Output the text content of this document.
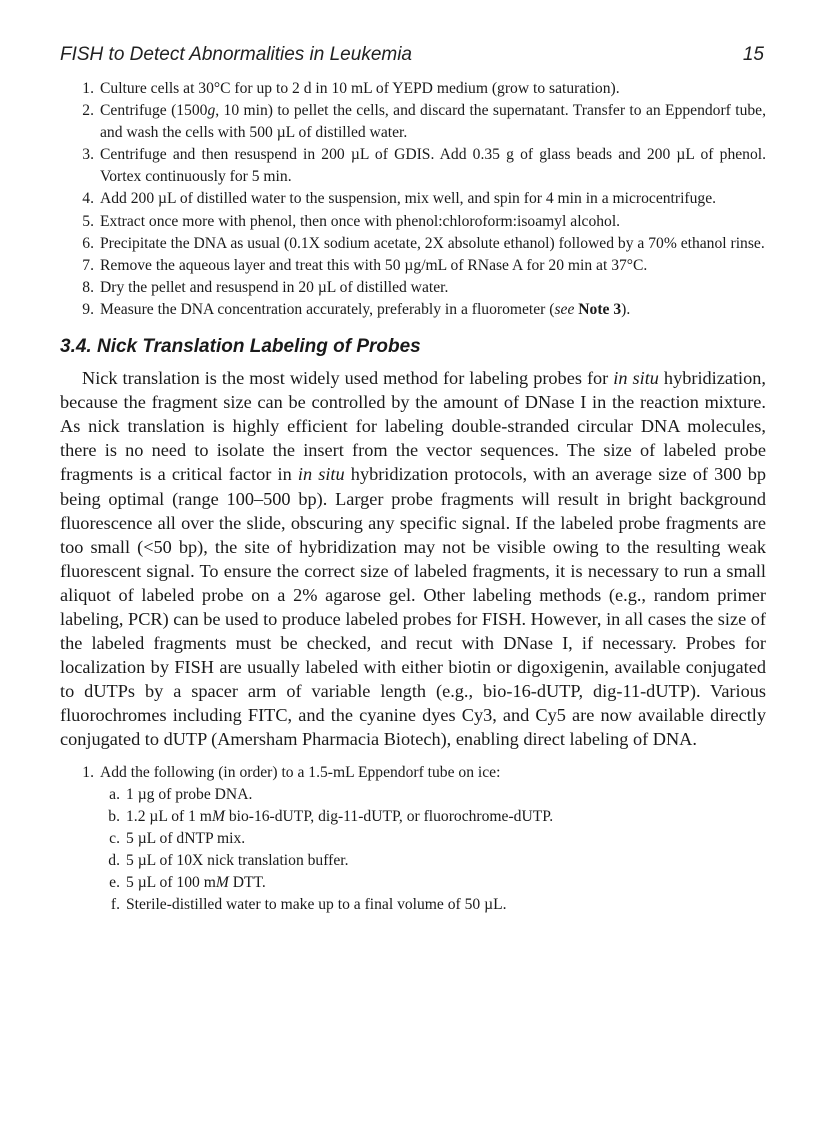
FISH to Detect Abnormalities in Leukemia	15
1. Culture cells at 30°C for up to 2 d in 10 mL of YEPD medium (grow to saturation).
2. Centrifuge (1500g, 10 min) to pellet the cells, and discard the supernatant. Transfer to an Eppendorf tube, and wash the cells with 500 µL of distilled water.
3. Centrifuge and then resuspend in 200 µL of GDIS. Add 0.35 g of glass beads and 200 µL of phenol. Vortex continuously for 5 min.
4. Add 200 µL of distilled water to the suspension, mix well, and spin for 4 min in a microcentrifuge.
5. Extract once more with phenol, then once with phenol:chloroform:isoamyl alcohol.
6. Precipitate the DNA as usual (0.1X sodium acetate, 2X absolute ethanol) followed by a 70% ethanol rinse.
7. Remove the aqueous layer and treat this with 50 µg/mL of RNase A for 20 min at 37°C.
8. Dry the pellet and resuspend in 20 µL of distilled water.
9. Measure the DNA concentration accurately, preferably in a fluorometer (see Note 3).
3.4. Nick Translation Labeling of Probes

Nick translation is the most widely used method for labeling probes for in situ hybridization, because the fragment size can be controlled by the amount of DNase I in the reaction mixture. As nick translation is highly efficient for labeling double-stranded circular DNA molecules, there is no need to isolate the insert from the vector sequences. The size of labeled probe fragments is a critical factor in in situ hybridization protocols, with an average size of 300 bp being optimal (range 100–500 bp). Larger probe fragments will result in bright background fluorescence all over the slide, obscuring any specific signal. If the labeled probe fragments are too small (<50 bp), the site of hybridization may not be visible owing to the resulting weak fluorescent signal. To ensure the correct size of labeled fragments, it is necessary to run a small aliquot of labeled probe on a 2% agarose gel. Other labeling methods (e.g., random primer labeling, PCR) can be used to produce labeled probes for FISH. However, in all cases the size of the labeled fragments must be checked, and recut with DNase I, if necessary. Probes for localization by FISH are usually labeled with either biotin or digoxigenin, available conjugated to dUTPs by a spacer arm of variable length (e.g., bio-16-dUTP, dig-11-dUTP). Various fluorochromes including FITC, and the cyanine dyes Cy3, and Cy5 are now available directly conjugated to dUTP (Amersham Pharmacia Biotech), enabling direct labeling of DNA.

1. Add the following (in order) to a 1.5-mL Eppendorf tube on ice:
a. 1 µg of probe DNA.
b. 1.2 µL of 1 mM bio-16-dUTP, dig-11-dUTP, or fluorochrome-dUTP.
c. 5 µL of dNTP mix.
d. 5 µL of 10X nick translation buffer.
e. 5 µL of 100 mM DTT.
f. Sterile-distilled water to make up to a final volume of 50 µL.
